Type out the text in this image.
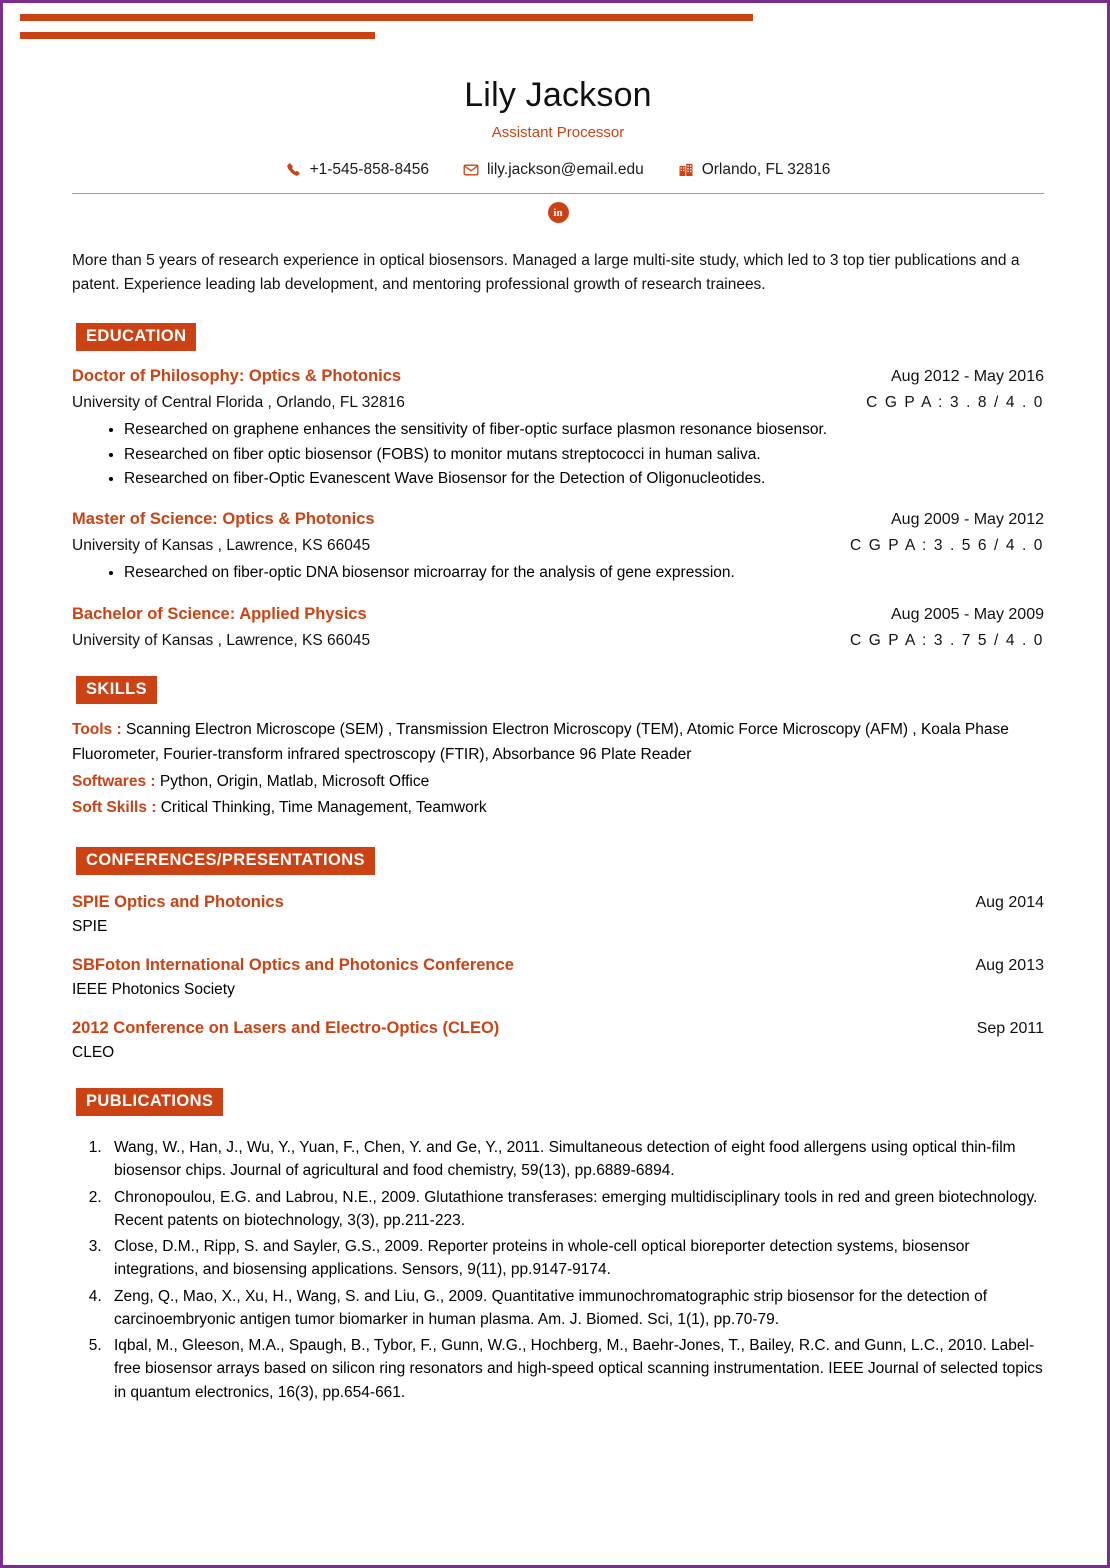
Lily Jackson
Assistant Processor
+1-545-858-8456	lily.jackson@email.edu	Orlando, FL 32816
in
More than 5 years of research experience in optical biosensors. Managed a large multi-site study, which led to 3 top tier publications and a patent. Experience leading lab development, and mentoring professional growth of research trainees.
EDUCATION
Doctor of Philosophy: Optics & Photonics	Aug 2012 - May 2016
University of Central Florida , Orlando, FL 32816	C G P A : 3 . 8 / 4 . 0
• Researched on graphene enhances the sensitivity of fiber-optic surface plasmon resonance biosensor.
• Researched on fiber optic biosensor (FOBS) to monitor mutans streptococci in human saliva.
• Researched on fiber-Optic Evanescent Wave Biosensor for the Detection of Oligonucleotides.
Master of Science: Optics & Photonics	Aug 2009 - May 2012
University of Kansas , Lawrence, KS 66045	C G P A : 3 . 5 6 / 4 . 0
• Researched on fiber-optic DNA biosensor microarray for the analysis of gene expression.
Bachelor of Science: Applied Physics	Aug 2005 - May 2009
University of Kansas , Lawrence, KS 66045	C G P A : 3 . 7 5 / 4 . 0
SKILLS
Tools : Scanning Electron Microscope (SEM) , Transmission Electron Microscopy (TEM), Atomic Force Microscopy (AFM) , Koala Phase Fluorometer, Fourier-transform infrared spectroscopy (FTIR), Absorbance 96 Plate Reader
Softwares : Python, Origin, Matlab, Microsoft Office
Soft Skills : Critical Thinking, Time Management, Teamwork
CONFERENCES/PRESENTATIONS
SPIE Optics and Photonics	Aug 2014
SPIE
SBFoton International Optics and Photonics Conference	Aug 2013
IEEE Photonics Society
2012 Conference on Lasers and Electro-Optics (CLEO)	Sep 2011
CLEO
PUBLICATIONS
1. Wang, W., Han, J., Wu, Y., Yuan, F., Chen, Y. and Ge, Y., 2011. Simultaneous detection of eight food allergens using optical thin-film biosensor chips. Journal of agricultural and food chemistry, 59(13), pp.6889-6894.
2. Chronopoulou, E.G. and Labrou, N.E., 2009. Glutathione transferases: emerging multidisciplinary tools in red and green biotechnology. Recent patents on biotechnology, 3(3), pp.211-223.
3. Close, D.M., Ripp, S. and Sayler, G.S., 2009. Reporter proteins in whole-cell optical bioreporter detection systems, biosensor integrations, and biosensing applications. Sensors, 9(11), pp.9147-9174.
4. Zeng, Q., Mao, X., Xu, H., Wang, S. and Liu, G., 2009. Quantitative immunochromatographic strip biosensor for the detection of carcinoembryonic antigen tumor biomarker in human plasma. Am. J. Biomed. Sci, 1(1), pp.70-79.
5. Iqbal, M., Gleeson, M.A., Spaugh, B., Tybor, F., Gunn, W.G., Hochberg, M., Baehr-Jones, T., Bailey, R.C. and Gunn, L.C., 2010. Label-free biosensor arrays based on silicon ring resonators and high-speed optical scanning instrumentation. IEEE Journal of selected topics in quantum electronics, 16(3), pp.654-661.
